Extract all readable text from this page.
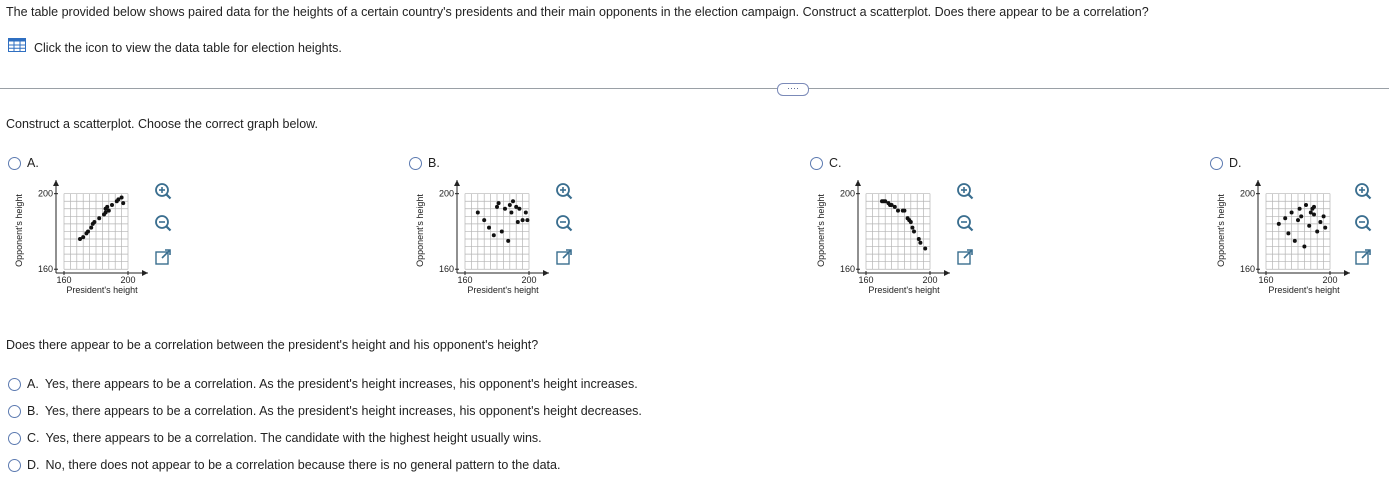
The table provided below shows paired data for the heights of a certain country's presidents and their main opponents in the election campaign. Construct a scatterplot. Does there appear to be a correlation?
Click the icon to view the data table for election heights.
····
Construct a scatterplot. Choose the correct graph below.
A.
160	200
160
200
President's height
Opponent's height
B.
160	200
160
200
President's height
Opponent's height
C.
160	200
160
200
President's height
Opponent's height
D.
160	200
160
200
President's height
Opponent's height
Does there appear to be a correlation between the president's height and his opponent's height?
A. Yes, there appears to be a correlation. As the president's height increases, his opponent's height increases.
B. Yes, there appears to be a correlation. As the president's height increases, his opponent's height decreases.
C. Yes, there appears to be a correlation. The candidate with the highest height usually wins.
D. No, there does not appear to be a correlation because there is no general pattern to the data.
